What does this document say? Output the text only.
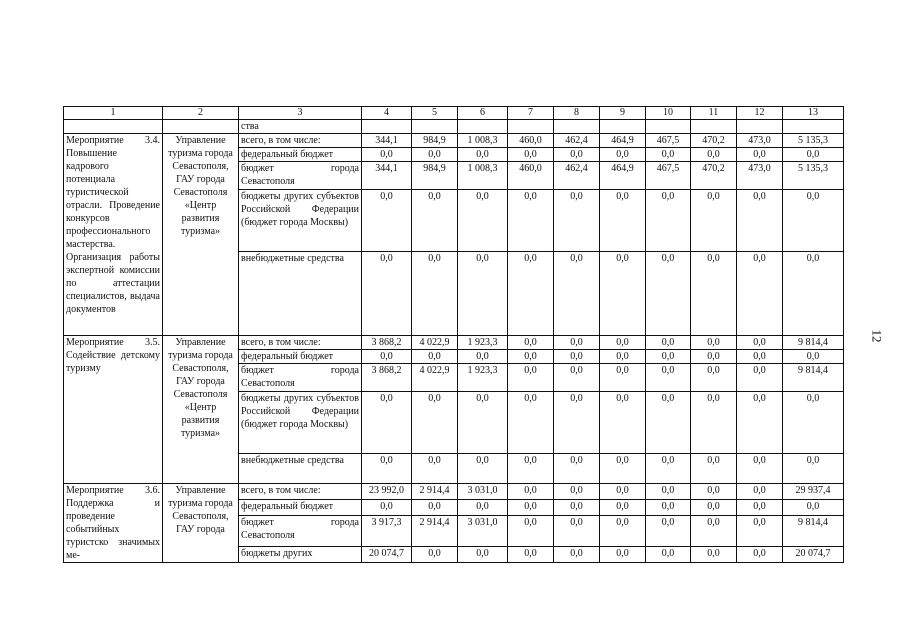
1	2	3	4	5	6	7	8	9	10	11	12	13
		ства										
Мероприятие 3.4. Повышение кадрового потенциала туристической отрасли. Проведение конкурсов профессионального мастерства. Организация работы экспертной комиссии по аттестации специалистов, выдача документов	Управление туризма города Севастополя, ГАУ города Севастополя «Центр развития туризма»	всего, в том числе:	344,1	984,9	1 008,3	460,0	462,4	464,9	467,5	470,2	473,0	5 135,3
		федеральный бюджет	0,0	0,0	0,0	0,0	0,0	0,0	0,0	0,0	0,0	0,0
		бюджет города Севастополя	344,1	984,9	1 008,3	460,0	462,4	464,9	467,5	470,2	473,0	5 135,3
		бюджеты других субъектов Российской Федерации (бюджет города Москвы)	0,0	0,0	0,0	0,0	0,0	0,0	0,0	0,0	0,0	0,0
		внебюджетные средства	0,0	0,0	0,0	0,0	0,0	0,0	0,0	0,0	0,0	0,0
Мероприятие 3.5. Содействие детскому туризму	Управление туризма города Севастополя, ГАУ города Севастополя «Центр развития туризма»	всего, в том числе:	3 868,2	4 022,9	1 923,3	0,0	0,0	0,0	0,0	0,0	0,0	9 814,4
		федеральный бюджет	0,0	0,0	0,0	0,0	0,0	0,0	0,0	0,0	0,0	0,0
		бюджет города Севастополя	3 868,2	4 022,9	1 923,3	0,0	0,0	0,0	0,0	0,0	0,0	9 814,4
		бюджеты других субъектов Российской Федерации (бюджет города Москвы)	0,0	0,0	0,0	0,0	0,0	0,0	0,0	0,0	0,0	0,0
		внебюджетные средства	0,0	0,0	0,0	0,0	0,0	0,0	0,0	0,0	0,0	0,0
Мероприятие 3.6. Поддержка и проведение событийных туристско значимых ме-	Управление туризма города Севастополя, ГАУ города	всего, в том числе:	23 992,0	2 914,4	3 031,0	0,0	0,0	0,0	0,0	0,0	0,0	29 937,4
		федеральный бюджет	0,0	0,0	0,0	0,0	0,0	0,0	0,0	0,0	0,0	0,0
		бюджет города Севастополя	3 917,3	2 914,4	3 031,0	0,0	0,0	0,0	0,0	0,0	0,0	9 814,4
		бюджеты других	20 074,7	0,0	0,0	0,0	0,0	0,0	0,0	0,0	0,0	20 074,7
12
